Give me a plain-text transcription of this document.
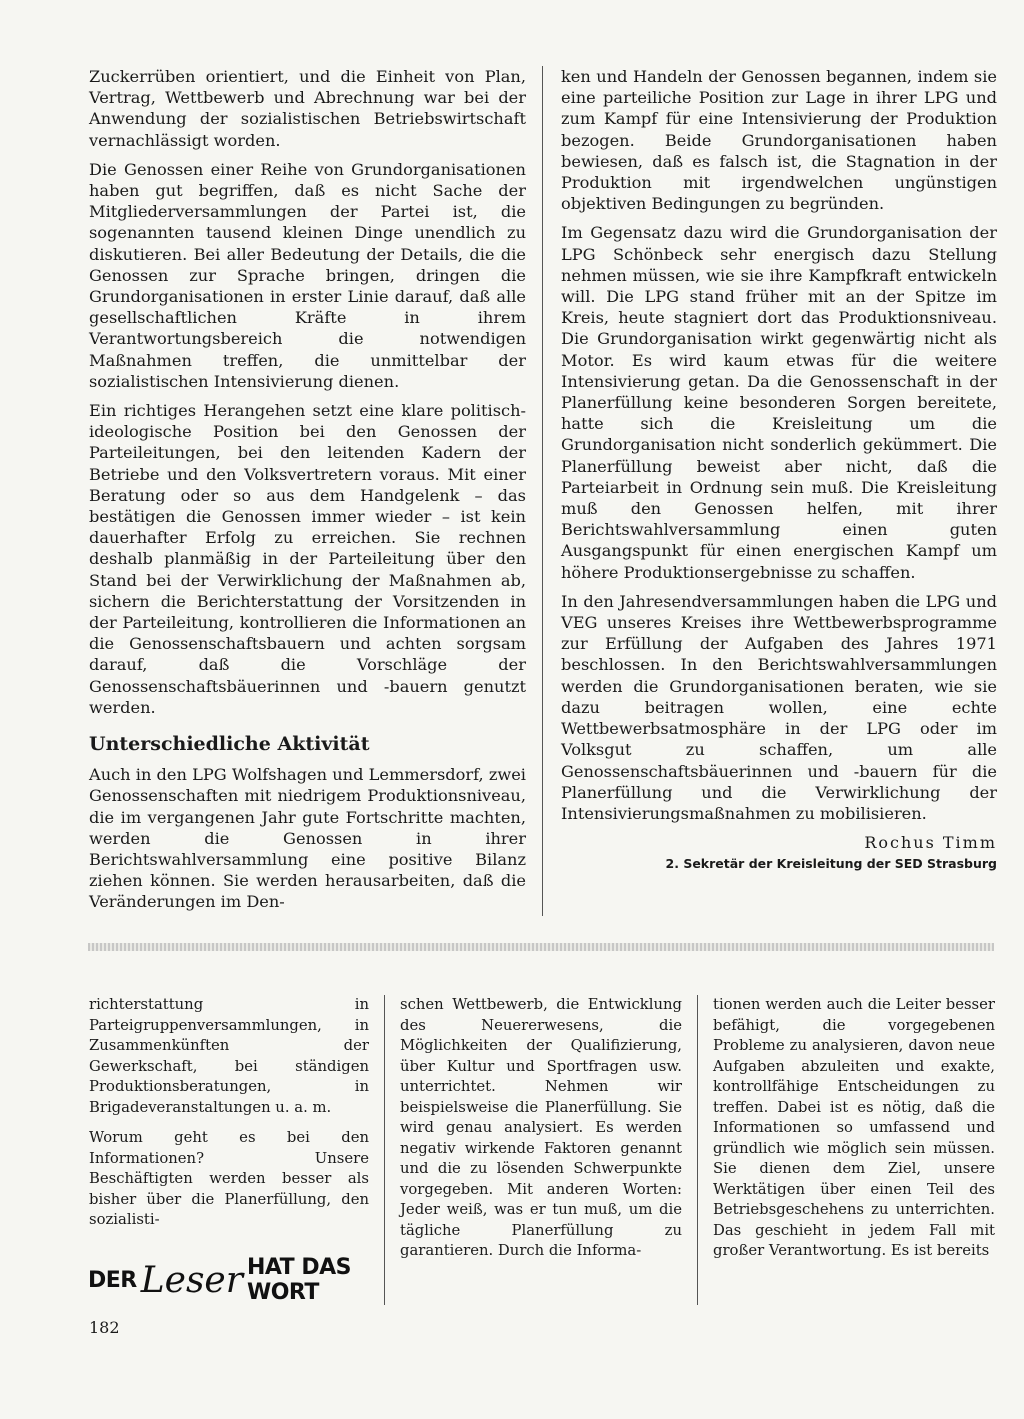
Zuckerrüben orientiert, und die Einheit von Plan, Vertrag, Wettbewerb und Abrechnung war bei der Anwendung der sozialistischen Betriebswirtschaft vernachlässigt worden.

Die Genossen einer Reihe von Grundorganisationen haben gut begriffen, daß es nicht Sache der Mitgliederversammlungen der Partei ist, die sogenannten tausend kleinen Dinge unendlich zu diskutieren. Bei aller Bedeutung der Details, die die Genossen zur Sprache bringen, dringen die Grundorganisationen in erster Linie darauf, daß alle gesellschaftlichen Kräfte in ihrem Verantwortungsbereich die notwendigen Maßnahmen treffen, die unmittelbar der sozialistischen Intensivierung dienen.

Ein richtiges Herangehen setzt eine klare politisch-ideologische Position bei den Genossen der Parteileitungen, bei den leitenden Kadern der Betriebe und den Volksvertretern voraus. Mit einer Beratung oder so aus dem Handgelenk – das bestätigen die Genossen immer wieder – ist kein dauerhafter Erfolg zu erreichen. Sie rechnen deshalb planmäßig in der Parteileitung über den Stand bei der Verwirklichung der Maßnahmen ab, sichern die Berichterstattung der Vorsitzenden in der Parteileitung, kontrollieren die Informationen an die Genossenschaftsbauern und achten sorgsam darauf, daß die Vorschläge der Genossenschaftsbäuerinnen und -bauern genutzt werden.

Unterschiedliche Aktivität

Auch in den LPG Wolfshagen und Lemmersdorf, zwei Genossenschaften mit niedrigem Produktionsniveau, die im vergangenen Jahr gute Fortschritte machten, werden die Genossen in ihrer Berichtswahlversammlung eine positive Bilanz ziehen können. Sie werden herausarbeiten, daß die Veränderungen im Den-

ken und Handeln der Genossen begannen, indem sie eine parteiliche Position zur Lage in ihrer LPG und zum Kampf für eine Intensivierung der Produktion bezogen. Beide Grundorganisationen haben bewiesen, daß es falsch ist, die Stagnation in der Produktion mit irgendwelchen ungünstigen objektiven Bedingungen zu begründen.

Im Gegensatz dazu wird die Grundorganisation der LPG Schönbeck sehr energisch dazu Stellung nehmen müssen, wie sie ihre Kampfkraft entwickeln will. Die LPG stand früher mit an der Spitze im Kreis, heute stagniert dort das Produktionsniveau. Die Grundorganisation wirkt gegenwärtig nicht als Motor. Es wird kaum etwas für die weitere Intensivierung getan. Da die Genossenschaft in der Planerfüllung keine besonderen Sorgen bereitete, hatte sich die Kreisleitung um die Grundorganisation nicht sonderlich gekümmert. Die Planerfüllung beweist aber nicht, daß die Parteiarbeit in Ordnung sein muß. Die Kreisleitung muß den Genossen helfen, mit ihrer Berichtswahlversammlung einen guten Ausgangspunkt für einen energischen Kampf um höhere Produktionsergebnisse zu schaffen.

In den Jahresendversammlungen haben die LPG und VEG unseres Kreises ihre Wettbewerbsprogramme zur Erfüllung der Aufgaben des Jahres 1971 beschlossen. In den Berichtswahlversammlungen werden die Grundorganisationen beraten, wie sie dazu beitragen wollen, eine echte Wettbewerbsatmosphäre in der LPG oder im Volksgut zu schaffen, um alle Genossenschaftsbäuerinnen und -bauern für die Planerfüllung und die Verwirklichung der Intensivierungsmaßnahmen zu mobilisieren.

Rochus Timm
2. Sekretär der Kreisleitung der SED Strasburg

richterstattung in Parteigruppenversammlungen, in Zusammenkünften der Gewerkschaft, bei ständigen Produktionsberatungen, in Brigadeveranstaltungen u. a. m.

Worum geht es bei den Informationen? Unsere Beschäftigten werden besser als bisher über die Planerfüllung, den sozialisti-

schen Wettbewerb, die Entwicklung des Neuererwesens, die Möglichkeiten der Qualifizierung, über Kultur und Sportfragen usw. unterrichtet. Nehmen wir beispielsweise die Planerfüllung. Sie wird genau analysiert. Es werden negativ wirkende Faktoren genannt und die zu lösenden Schwerpunkte vorgegeben. Mit anderen Worten: Jeder weiß, was er tun muß, um die tägliche Planerfüllung zu garantieren. Durch die Informa-

tionen werden auch die Leiter besser befähigt, die vorgegebenen Probleme zu analysieren, davon neue Aufgaben abzuleiten und exakte, kontrollfähige Entscheidungen zu treffen. Dabei ist es nötig, daß die Informationen so umfassend und gründlich wie möglich sein müssen. Sie dienen dem Ziel, unsere Werktätigen über einen Teil des Betriebsgeschehens zu unterrichten. Das geschieht in jedem Fall mit großer Verantwortung. Es ist bereits

DER Leser HAT DAS WORT
182
